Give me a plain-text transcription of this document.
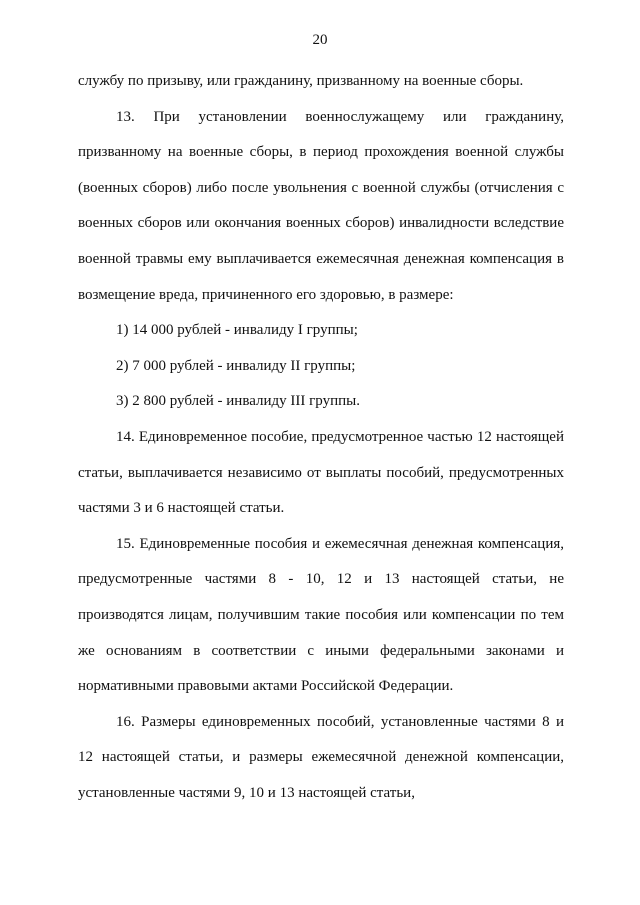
20

службу по призыву, или гражданину, призванному на военные сборы.

13. При установлении военнослужащему или гражданину, призванному на военные сборы, в период прохождения военной службы (военных сборов) либо после увольнения с военной службы (отчисления с военных сборов или окончания военных сборов) инвалидности вследствие военной травмы ему выплачивается ежемесячная денежная компенсация в возмещение вреда, причиненного его здоровью, в размере:

1) 14 000 рублей - инвалиду I группы;

2) 7 000 рублей - инвалиду II группы;

3) 2 800 рублей - инвалиду III группы.

14. Единовременное пособие, предусмотренное частью 12 настоящей статьи, выплачивается независимо от выплаты пособий, предусмотренных частями 3 и 6 настоящей статьи.

15. Единовременные пособия и ежемесячная денежная компенсация, предусмотренные частями 8 - 10, 12 и 13 настоящей статьи, не производятся лицам, получившим такие пособия или компенсации по тем же основаниям в соответствии с иными федеральными законами и нормативными правовыми актами Российской Федерации.

16. Размеры единовременных пособий, установленные частями 8 и 12 настоящей статьи, и размеры ежемесячной денежной компенсации, установленные частями 9, 10 и 13 настоящей статьи,
